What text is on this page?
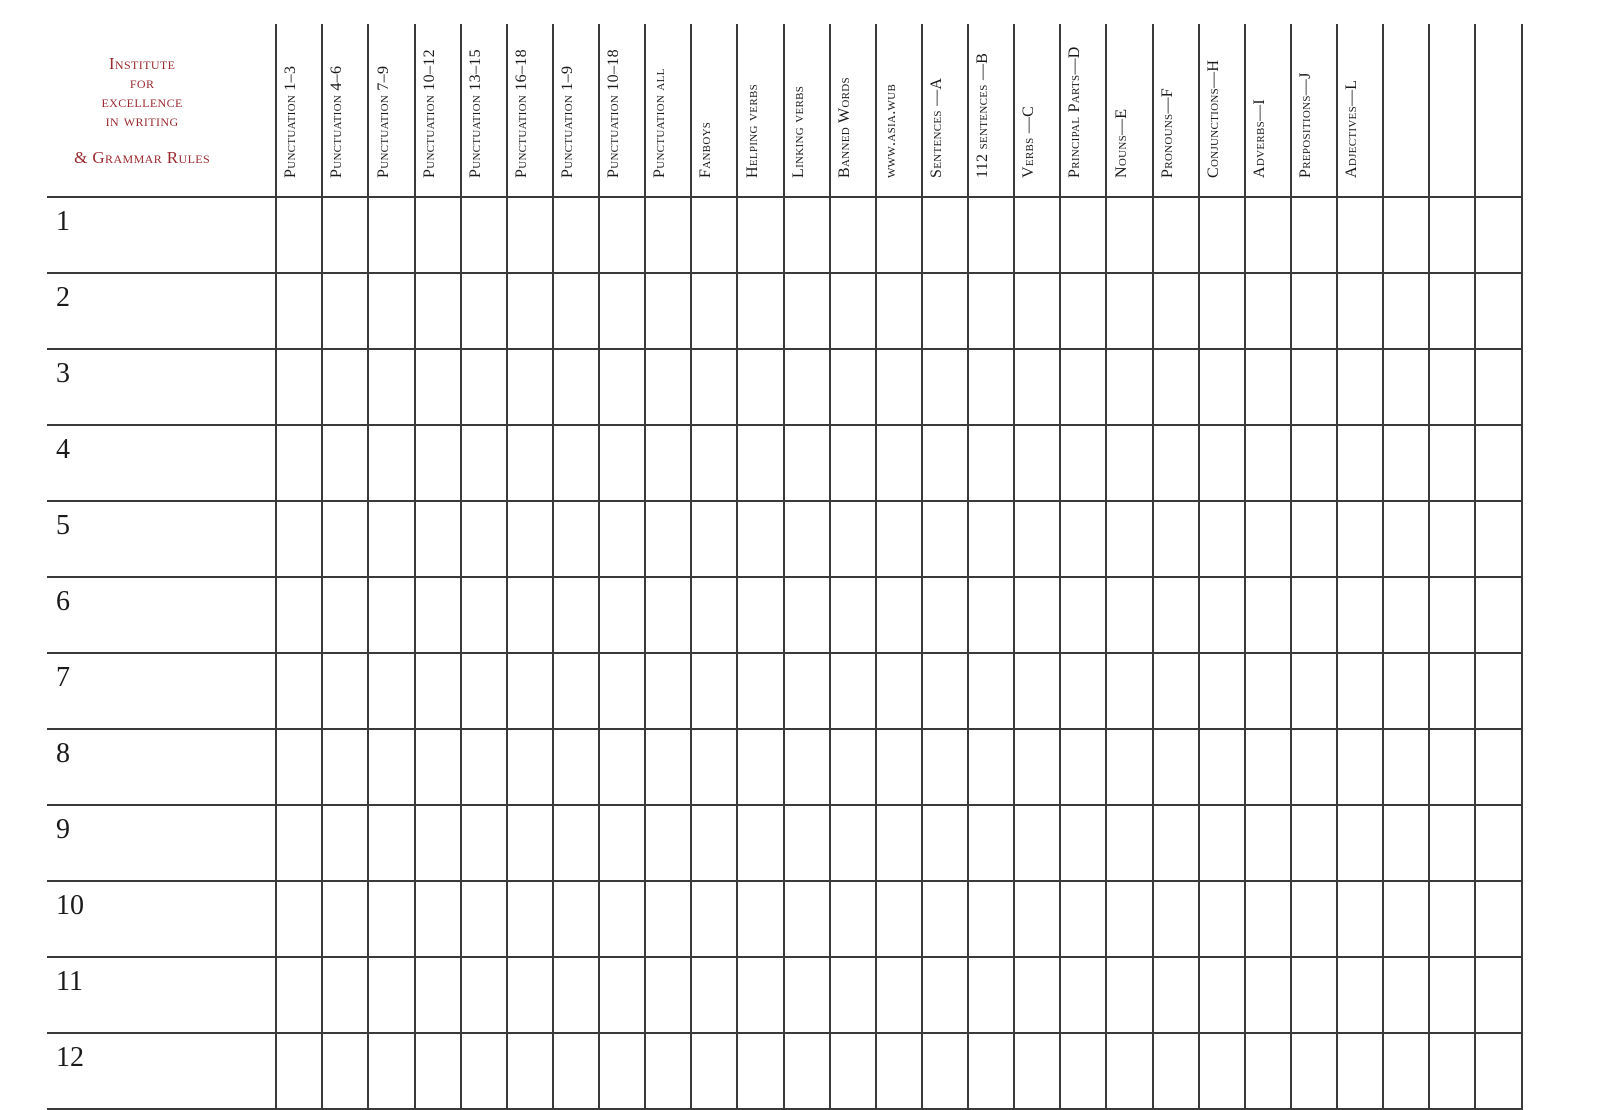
Institute
for
excellence
in writing
& Grammar Rules	Punctuation 1–3	Punctuation 4–6	Punctuation 7–9	Punctuation 10–12	Punctuation 13–15	Punctuation 16–18	Punctuation 1–9	Punctuation 10–18	Punctuation all	Fanboys	Helping verbs	Linking verbs	Banned Words	www.asia.wub	Sentences —A	112 sentences —B	Verbs —C	Principal Parts—D	Nouns—E	Pronouns—F	Conjunctions—H	Adverbs—I	Prepositions—J	Adjectives—L			

1																											
2																											
3																											
4																											
5																											
6																											
7																											
8																											
9																											
10																											
11																											
12																											
